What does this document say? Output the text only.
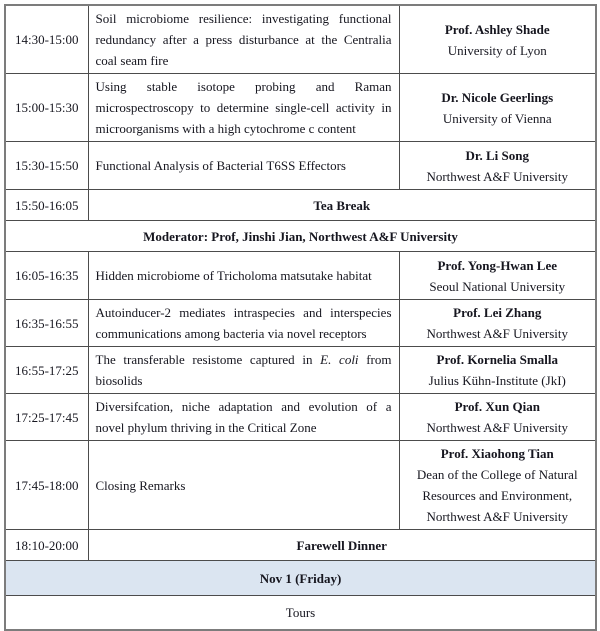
14:30-15:00	Soil microbiome resilience: investigating functional redundancy after a press disturbance at the Centralia coal seam fire	Prof. Ashley Shade
University of Lyon

15:00-15:30	Using stable isotope probing and Raman microspectroscopy to determine single-cell activity in microorganisms with a high cytochrome c content	Dr. Nicole Geerlings
University of Vienna

15:30-15:50	Functional Analysis of Bacterial T6SS Effectors	Dr. Li Song
Northwest A&F University

15:50-16:05	Tea Break	
Moderator: Prof, Jinshi Jian, Northwest A&F University		
16:05-16:35	Hidden microbiome of Tricholoma matsutake habitat	Prof. Yong-Hwan Lee
Seoul National University

16:35-16:55	Autoinducer-2 mediates intraspecies and interspecies communications among bacteria via novel receptors	Prof. Lei Zhang
Northwest A&F University

16:55-17:25	The transferable resistome captured in E. coli from biosolids	Prof. Kornelia Smalla
Julius Kühn-Institute (JkI)

17:25-17:45	Diversifcation, niche adaptation and evolution of a novel phylum thriving in the Critical Zone	Prof. Xun Qian
Northwest A&F University

17:45-18:00	Closing Remarks	Prof. Xiaohong Tian
Dean of the College of Natural Resources and Environment, Northwest A&F University

18:10-20:00	Farewell Dinner	
Nov 1 (Friday)		
Tours		
